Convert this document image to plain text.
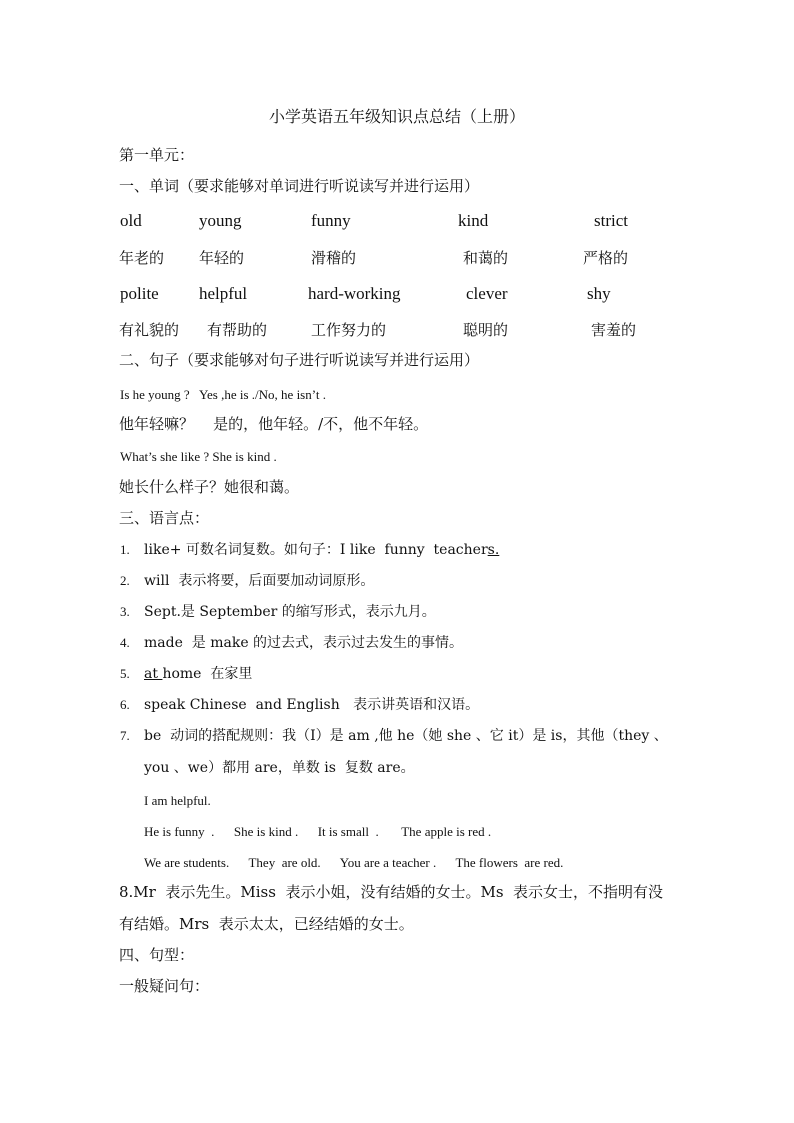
小学英语五年级知识点总结（上册）
第一单元：
一、单词（要求能够对单词进行听说读写并进行运用）
old	young	funny	kind	strict
年老的 年轻的	滑稽的	和蔼的	严格的
polite helpful	hard-working	clever	shy
有礼貌的 有帮助的	工作努力的	聪明的	害羞的
二、句子（要求能够对句子进行听说读写并进行运用）
Is he young ?   Yes ,he is ./No, he isn’t .
他年轻嘛？    是的，他年轻。/不，他不年轻。
What’s she like ? She is kind .
她长什么样子？她很和蔼。
三、语言点：
1. like+ 可数名词复数。如句子：I like  funny  teachers.
2. will  表示将要，后面要加动词原形。
3. Sept.是 September 的缩写形式，表示九月。
4. made  是 make 的过去式，表示过去发生的事情。
5. at home  在家里
6. speak Chinese  and English   表示讲英语和汉语。
7. be  动词的搭配规则：我（I）是 am ,他 he（她 she 、它 it）是 is，其他（they 、
you 、we）都用 are，单数 is  复数 are。
I am helpful.
He is funny  .      She is kind .      It is small  .       The apple is red .
We are students.      They  are old.      You are a teacher .      The flowers  are red.
8.Mr  表示先生。Miss  表示小姐，没有结婚的女士。Ms  表示女士，不指明有没
有结婚。Mrs  表示太太，已经结婚的女士。
四、句型：
一般疑问句：
